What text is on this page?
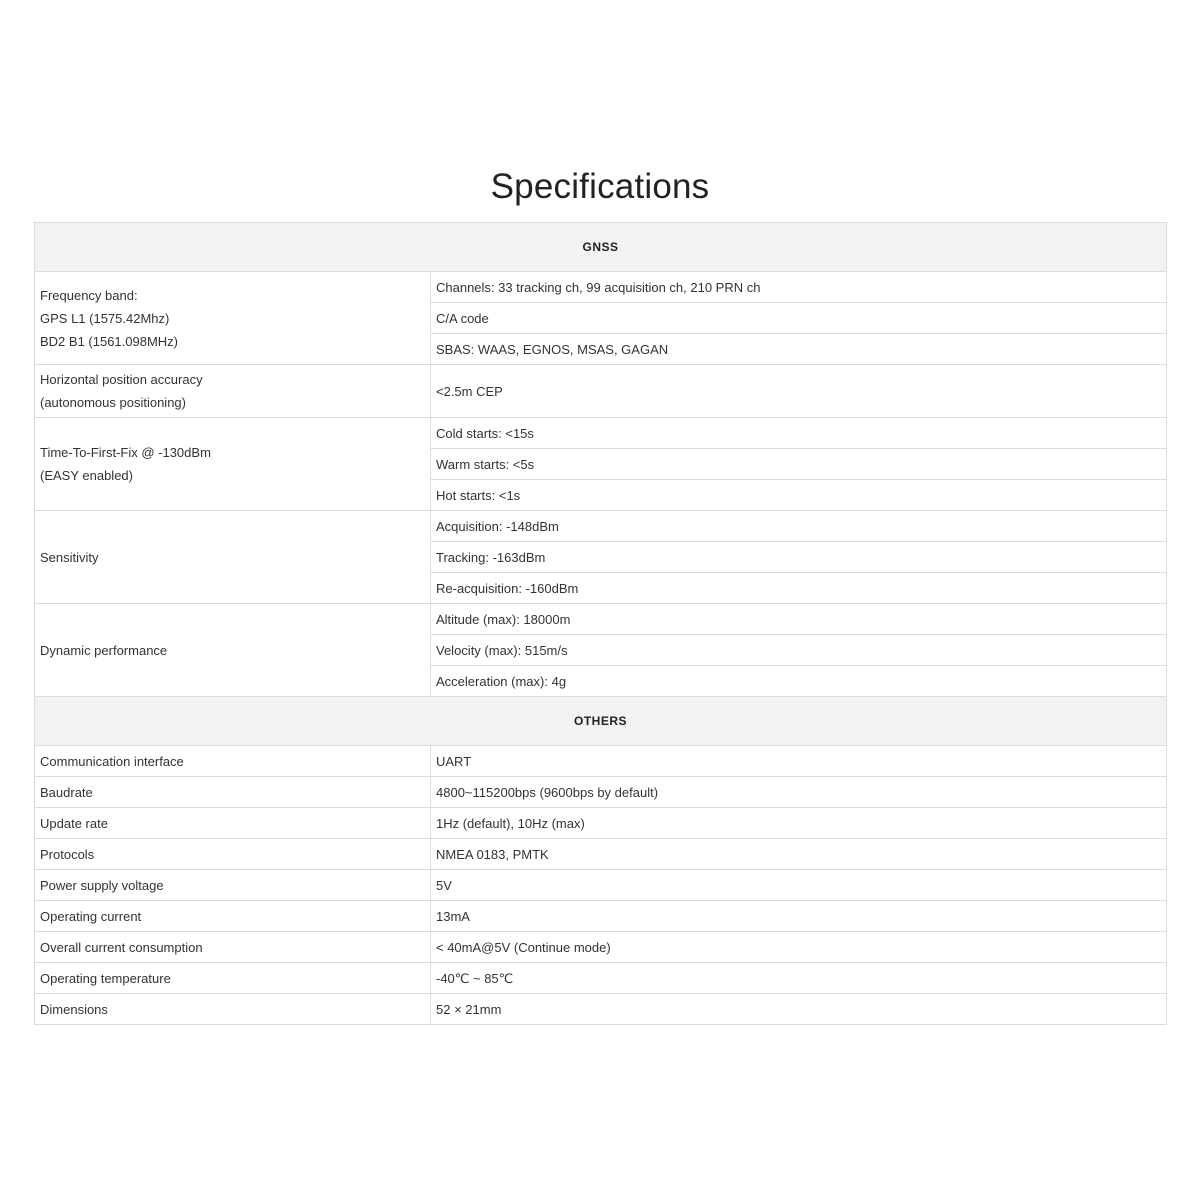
Specifications
GNSS	

Frequency band:
GPS L1 (1575.42Mhz)
BD2 B1 (1561.098MHz)	Channels: 33 tracking ch, 99 acquisition ch, 210 PRN ch
	C/A code
	SBAS: WAAS, EGNOS, MSAS, GAGAN

Horizontal position accuracy
(autonomous positioning)	<2.5m CEP

Time-To-First-Fix @ -130dBm
(EASY enabled)	Cold starts: <15s
	Warm starts: <5s
	Hot starts: <1s
Sensitivity	Acquisition: -148dBm
	Tracking: -163dBm
	Re-acquisition: -160dBm
Dynamic performance	Altitude (max): 18000m
	Velocity (max): 515m/s
	Acceleration (max): 4g
OTHERS	
Communication interface	UART
Baudrate	4800~115200bps (9600bps by default)
Update rate	1Hz (default), 10Hz (max)
Protocols	NMEA 0183, PMTK
Power supply voltage	5V
Operating current	13mA
Overall current consumption	< 40mA@5V (Continue mode)
Operating temperature	-40℃ ~ 85℃
Dimensions	52 × 21mm
